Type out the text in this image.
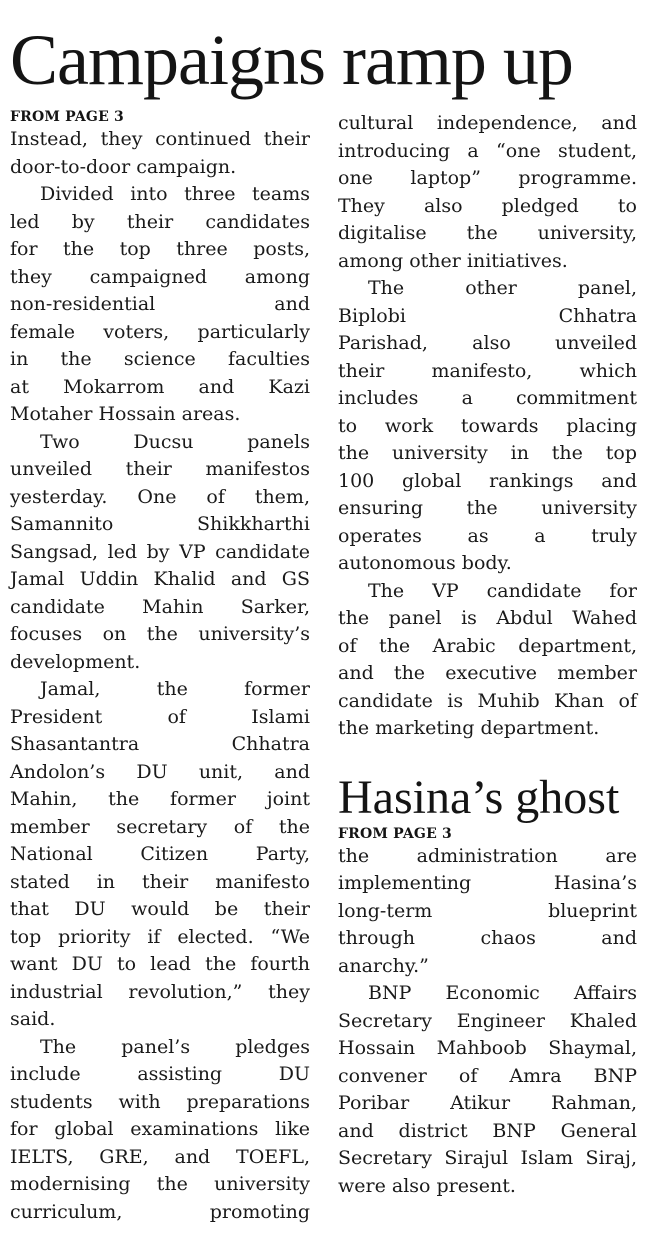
Campaigns ramp up
FROM PAGE 3
Instead, they continued their
door-to-door campaign.
Divided into three teams
led by their candidates
for the top three posts,
they campaigned among
non-residential and
female voters, particularly
in the science faculties
at Mokarrom and Kazi
Motaher Hossain areas.
Two Ducsu panels
unveiled their manifestos
yesterday. One of them,
Samannito Shikkharthi
Sangsad, led by VP candidate
Jamal Uddin Khalid and GS
candidate Mahin Sarker,
focuses on the university’s
development.
Jamal, the former
President of Islami
Shasantantra Chhatra
Andolon’s DU unit, and
Mahin, the former joint
member secretary of the
National Citizen Party,
stated in their manifesto
that DU would be their
top priority if elected. “We
want DU to lead the fourth
industrial revolution,” they
said.
The panel’s pledges
include assisting DU
students with preparations
for global examinations like
IELTS, GRE, and TOEFL,
modernising the university
curriculum, promoting
cultural independence, and
introducing a “one student,
one laptop” programme.
They also pledged to
digitalise the university,
among other initiatives.
The other panel,
Biplobi Chhatra
Parishad, also unveiled
their manifesto, which
includes a commitment
to work towards placing
the university in the top
100 global rankings and
ensuring the university
operates as a truly
autonomous body.
The VP candidate for
the panel is Abdul Wahed
of the Arabic department,
and the executive member
candidate is Muhib Khan of
the marketing department.
Hasina’s ghost
FROM PAGE 3
the administration are
implementing Hasina’s
long-term blueprint
through chaos and
anarchy.”
BNP Economic Affairs
Secretary Engineer Khaled
Hossain Mahboob Shaymal,
convener of Amra BNP
Poribar Atikur Rahman,
and district BNP General
Secretary Sirajul Islam Siraj,
were also present.
